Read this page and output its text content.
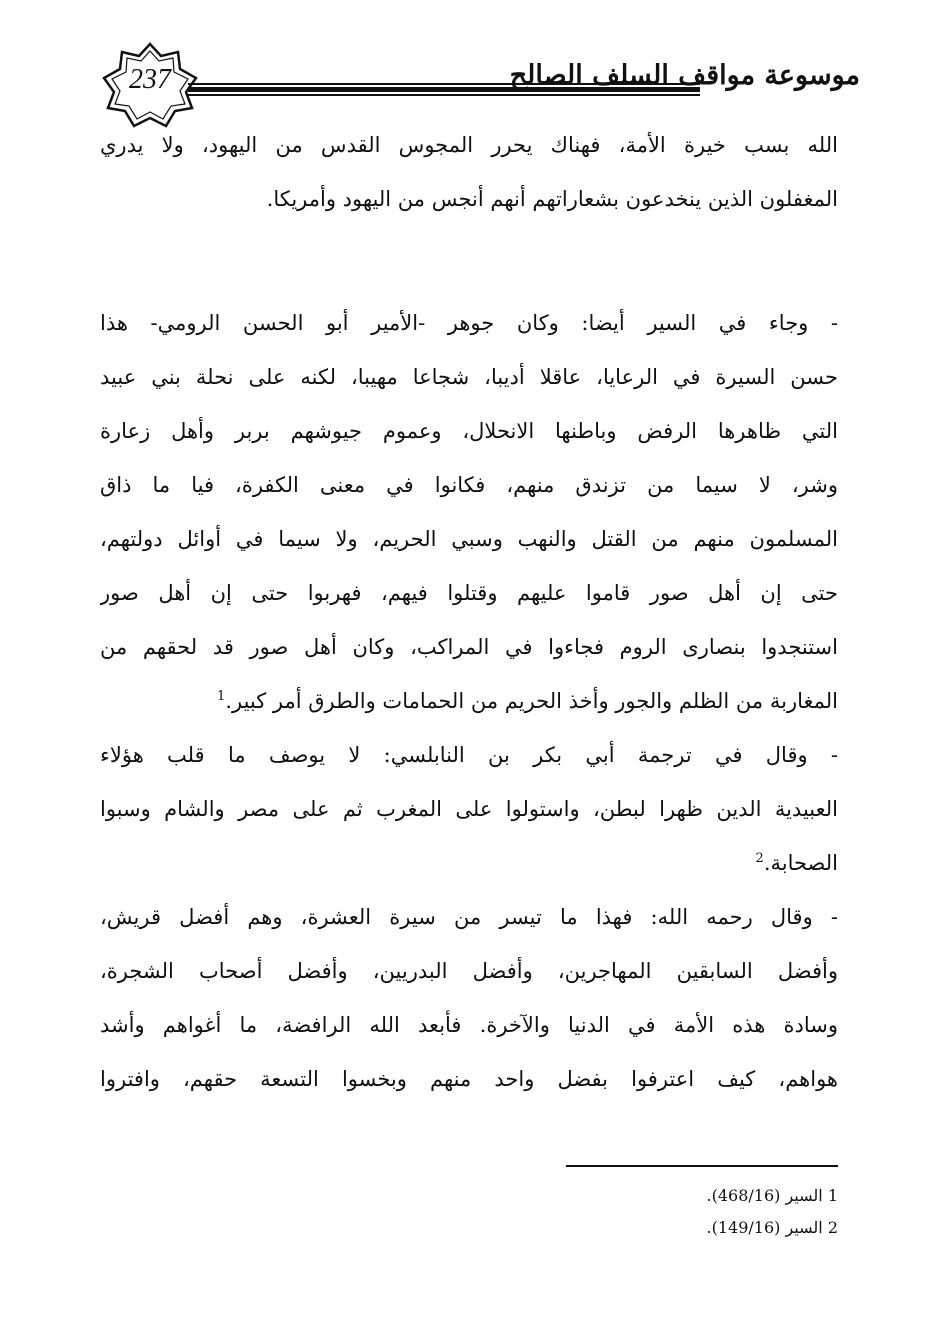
237	موسوعة مواقف السلف الصالح
الله بسب خيرة الأمة، فهناك يحرر المجوس القدس من اليهود، ولا يدري
المغفلون الذين ينخدعون بشعاراتهم أنهم أنجس من اليهود وأمريكا.
- وجاء في السير أيضا: وكان جوهر -الأمير أبو الحسن الرومي- هذا
حسن السيرة في الرعايا، عاقلا أديبا، شجاعا مهيبا، لكنه على نحلة بني عبيد
التي ظاهرها الرفض وباطنها الانحلال، وعموم جيوشهم بربر وأهل زعارة
وشر، لا سيما من تزندق منهم، فكانوا في معنى الكفرة، فيا ما ذاق
المسلمون منهم من القتل والنهب وسبي الحريم، ولا سيما في أوائل دولتهم،
حتى إن أهل صور قاموا عليهم وقتلوا فيهم، فهربوا حتى إن أهل صور
استنجدوا بنصارى الروم فجاءوا في المراكب، وكان أهل صور قد لحقهم من
المغاربة من الظلم والجور وأخذ الحريم من الحمامات والطرق أمر كبير.$^1$
- وقال في ترجمة أبي بكر بن النابلسي: لا يوصف ما قلب هؤلاء
العبيدية الدين ظهرا لبطن، واستولوا على المغرب ثم على مصر والشام وسبوا
الصحابة.$^2$
- وقال رحمه الله: فهذا ما تيسر من سيرة العشرة، وهم أفضل قريش،
وأفضل السابقين المهاجرين، وأفضل البدريين، وأفضل أصحاب الشجرة،
وسادة هذه الأمة في الدنيا والآخرة. فأبعد الله الرافضة، ما أغواهم وأشد
هواهم، كيف اعترفوا بفضل واحد منهم وبخسوا التسعة حقهم، وافتروا
1 السير (468/16).
2 السير (149/16).
